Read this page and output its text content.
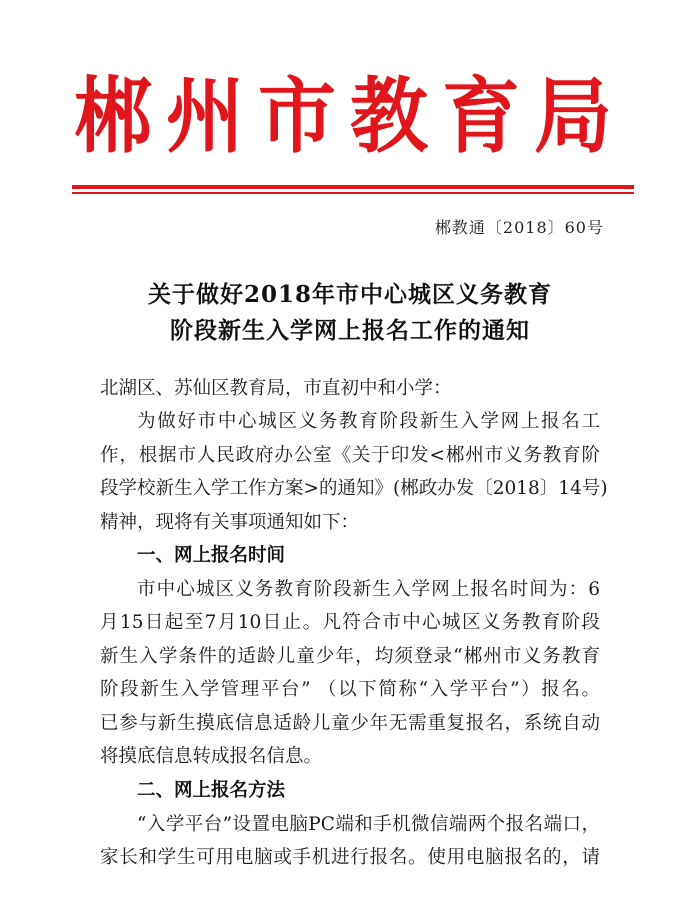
郴州市教育局
郴教通〔2018〕60号
关于做好2018年市中心城区义务教育
阶段新生入学网上报名工作的通知
北湖区、苏仙区教育局，市直初中和小学：
为做好市中心城区义务教育阶段新生入学网上报名工
作，根据市人民政府办公室《关于印发<郴州市义务教育阶
段学校新生入学工作方案>的通知》(郴政办发〔2018〕14号)
精神，现将有关事项通知如下：
一、网上报名时间
市中心城区义务教育阶段新生入学网上报名时间为：6
月15日起至7月10日止。凡符合市中心城区义务教育阶段
新生入学条件的适龄儿童少年，均须登录“郴州市义务教育
阶段新生入学管理平台” （以下简称“入学平台”）报名。
已参与新生摸底信息适龄儿童少年无需重复报名，系统自动
将摸底信息转成报名信息。
二、网上报名方法
“入学平台”设置电脑PC端和手机微信端两个报名端口，
家长和学生可用电脑或手机进行报名。使用电脑报名的，请
